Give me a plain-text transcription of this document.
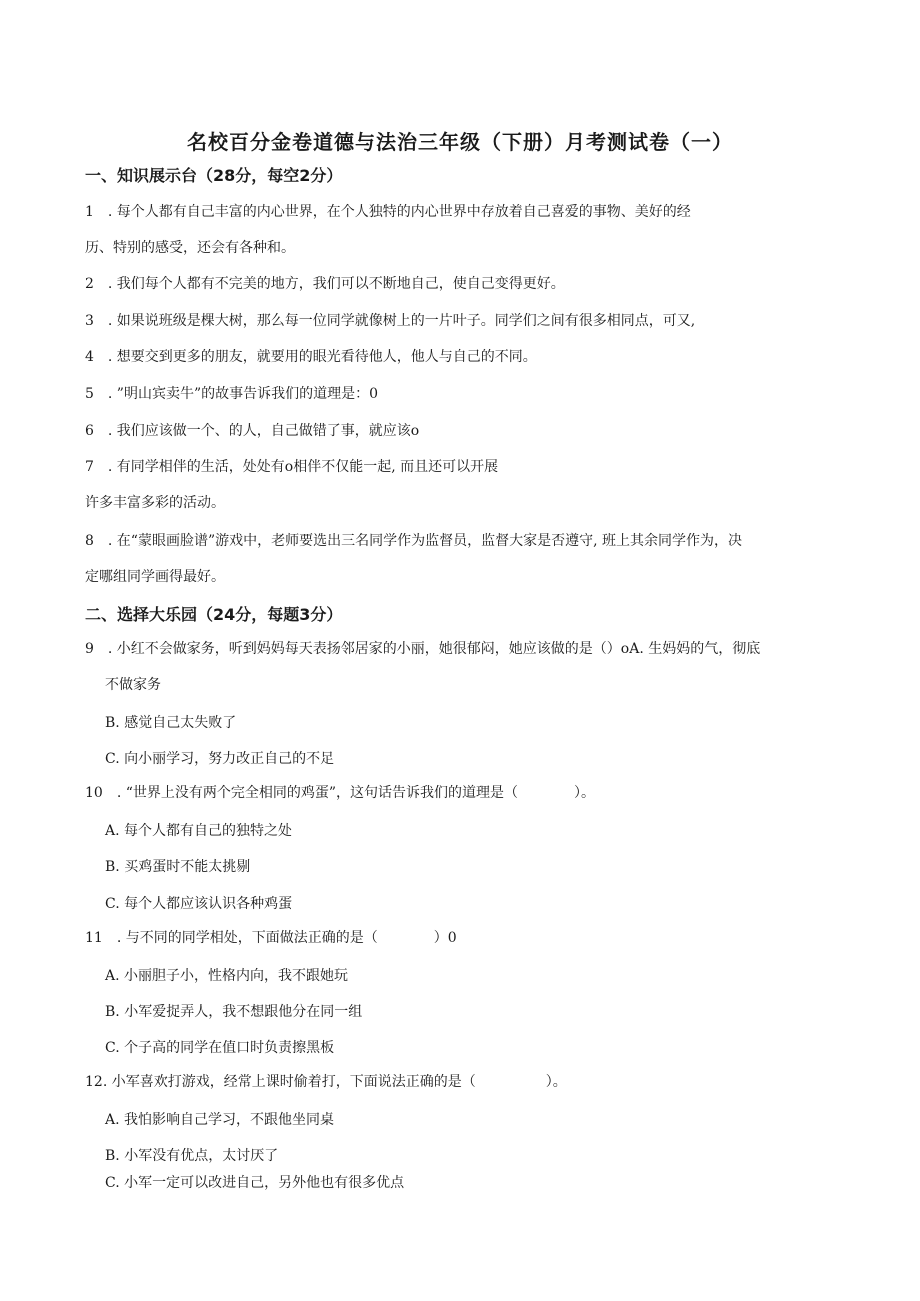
名校百分金卷道德与法治三年级（下册）月考测试卷（一）
一、知识展示台（28分，每空2分）
1　. 每个人都有自己丰富的内心世界，在个人独特的内心世界中存放着自己喜爱的事物、美好的经
历、特别的感受，还会有各种和。
2　. 我们每个人都有不完美的地方，我们可以不断地自己，使自己变得更好。
3　. 如果说班级是棵大树，那么每一位同学就像树上的一片叶子。同学们之间有很多相同点，可又,
4　. 想要交到更多的朋友，就要用的眼光看待他人，他人与自己的不同。
5　. ”明山宾卖牛”的故事告诉我们的道理是：0
6　. 我们应该做一个、的人，自己做错了事，就应该o
7　. 有同学相伴的生活，处处有o相伴不仅能一起, 而且还可以开展
许多丰富多彩的活动。
8　. 在“蒙眼画脸谱”游戏中，老师要选出三名同学作为监督员，监督大家是否遵守, 班上其余同学作为，决
定哪组同学画得最好。
二、选择大乐园（24分，每题3分）
9　. 小红不会做家务，听到妈妈每天表扬邻居家的小丽，她很郁闷，她应该做的是（）oA. 生妈妈的气，彻底
不做家务
B. 感觉自己太失败了
C. 向小丽学习，努力改正自己的不足
10　. “世界上没有两个完全相同的鸡蛋”，这句话告诉我们的道理是（　　　　）。
A. 每个人都有自己的独特之处
B. 买鸡蛋时不能太挑剔
C. 每个人都应该认识各种鸡蛋
11　. 与不同的同学相处，下面做法正确的是（　　　　）0
A. 小丽胆子小，性格内向，我不跟她玩
B. 小军爱捉弄人，我不想跟他分在同一组
C. 个子高的同学在值口时负责擦黑板
12. 小军喜欢打游戏，经常上课时偷着打，下面说法正确的是（　　　　　）。
A. 我怕影响自己学习，不跟他坐同桌
B. 小军没有优点，太讨厌了
C. 小军一定可以改进自己，另外他也有很多优点
